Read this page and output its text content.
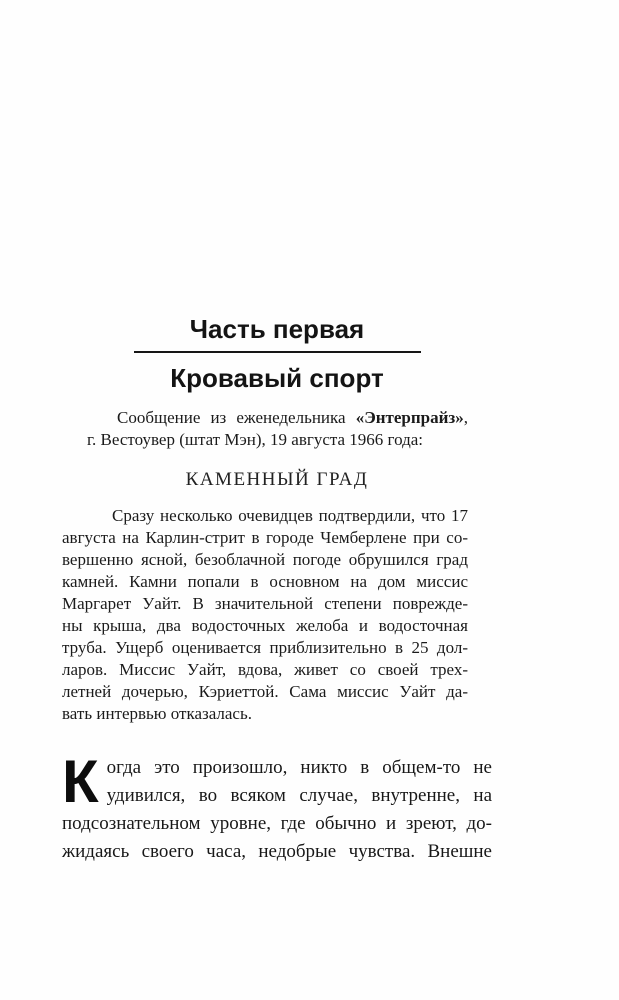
Часть первая
Кровавый спорт
Сообщение из еженедельника «Энтерпрайз»,
г. Вестоувер (штат Мэн), 19 августа 1966 года:
КАМЕННЫЙ ГРАД
Сразу несколько очевидцев подтвердили, что 17
августа на Карлин-стрит в городе Чемберлене при со-
вершенно ясной, безоблачной погоде обрушился град
камней. Камни попали в основном на дом миссис
Маргарет Уайт. В значительной степени поврежде-
ны крыша, два водосточных желоба и водосточная
труба. Ущерб оценивается приблизительно в 25 дол-
ларов. Миссис Уайт, вдова, живет со своей трех-
летней дочерью, Кэриеттой. Сама миссис Уайт да-
вать интервью отказалась.
Когда это произошло, никто в общем-то не
удивился, во всяком случае, внутренне, на
подсознательном уровне, где обычно и зреют, до-
жидаясь своего часа, недобрые чувства. Внешне
